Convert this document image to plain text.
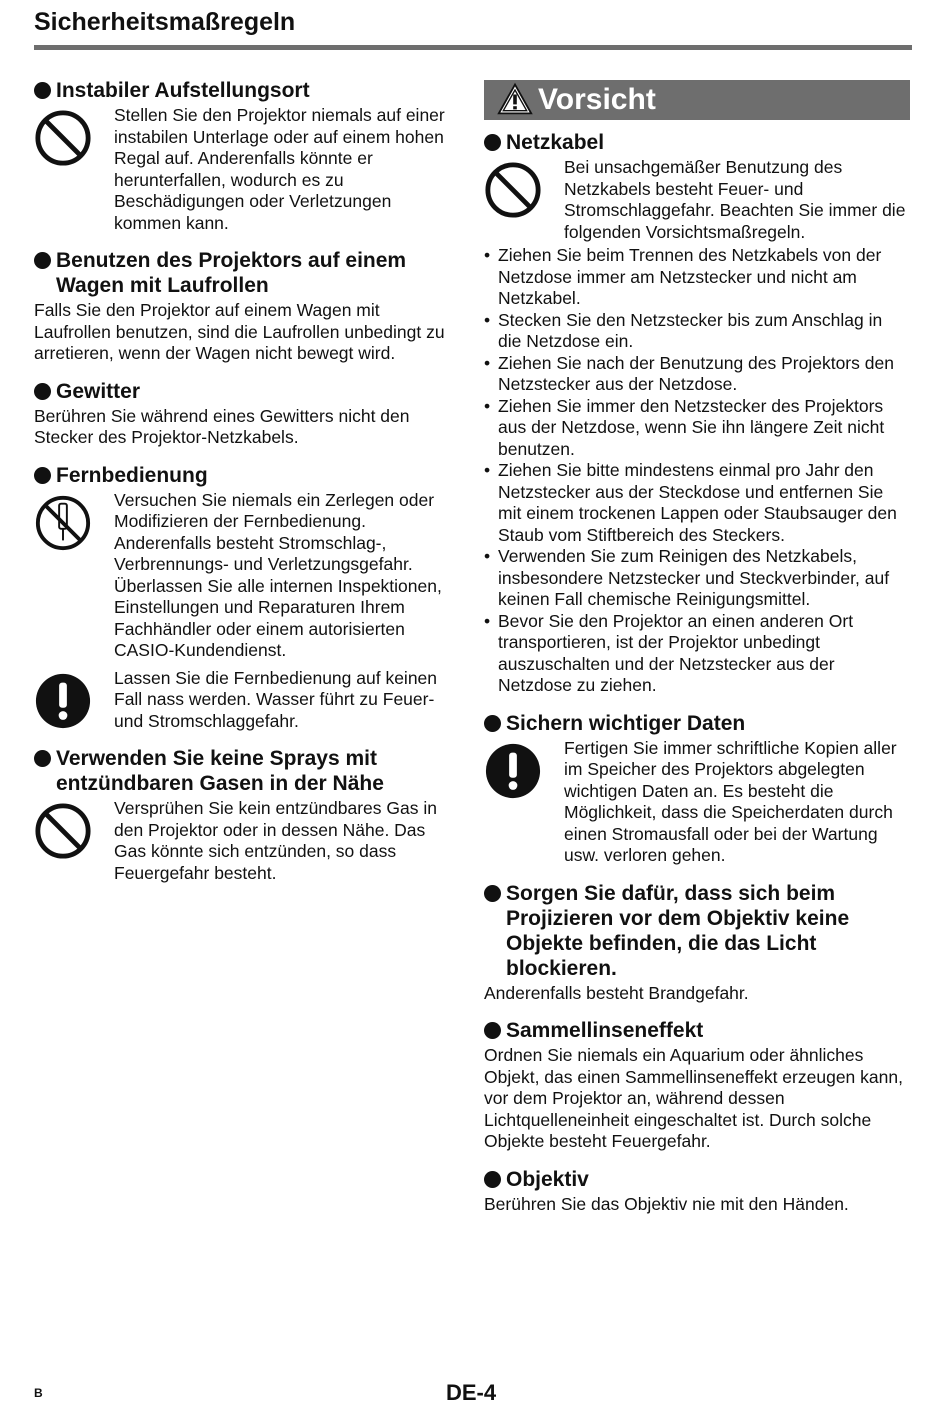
Sicherheitsmaßregeln
Instabiler Aufstellungsort

Stellen Sie den Projektor niemals auf einer instabilen Unterlage oder auf einem hohen Regal auf. Anderenfalls könnte er herunterfallen, wodurch es zu Beschädigungen oder Verletzungen kommen kann.

Benutzen des Projektors auf einem Wagen mit Laufrollen

Falls Sie den Projektor auf einem Wagen mit Laufrollen benutzen, sind die Laufrollen unbedingt zu arretieren, wenn der Wagen nicht bewegt wird.

Gewitter

Berühren Sie während eines Gewitters nicht den Stecker des Projektor-Netzkabels.

Fernbedienung

Versuchen Sie niemals ein Zerlegen oder Modifizieren der Fernbedienung. Anderenfalls besteht Stromschlag-, Verbrennungs- und Verletzungsgefahr. Überlassen Sie alle internen Inspektionen, Einstellungen und Reparaturen Ihrem Fachhändler oder einem autorisierten CASIO-Kundendienst.

Lassen Sie die Fernbedienung auf keinen Fall nass werden. Wasser führt zu Feuer- und Stromschlaggefahr.

Verwenden Sie keine Sprays mit entzündbaren Gasen in der Nähe

Versprühen Sie kein entzündbares Gas in den Projektor oder in dessen Nähe. Das Gas könnte sich entzünden, so dass Feuergefahr besteht.

Vorsicht
Netzkabel

Bei unsachgemäßer Benutzung des Netzkabels besteht Feuer- und Stromschlaggefahr. Beachten Sie immer die folgenden Vorsichtsmaßregeln.

• Ziehen Sie beim Trennen des Netzkabels von der Netzdose immer am Netzstecker und nicht am Netzkabel.
• Stecken Sie den Netzstecker bis zum Anschlag in die Netzdose ein.
• Ziehen Sie nach der Benutzung des Projektors den Netzstecker aus der Netzdose.
• Ziehen Sie immer den Netzstecker des Projektors aus der Netzdose, wenn Sie ihn längere Zeit nicht benutzen.
• Ziehen Sie bitte mindestens einmal pro Jahr den Netzstecker aus der Steckdose und entfernen Sie mit einem trockenen Lappen oder Staubsauger den Staub vom Stiftbereich des Steckers.
• Verwenden Sie zum Reinigen des Netzkabels, insbesondere Netzstecker und Steckverbinder, auf keinen Fall chemische Reinigungsmittel.
• Bevor Sie den Projektor an einen anderen Ort transportieren, ist der Projektor unbedingt auszuschalten und der Netzstecker aus der Netzdose zu ziehen.
Sichern wichtiger Daten

Fertigen Sie immer schriftliche Kopien aller im Speicher des Projektors abgelegten wichtigen Daten an. Es besteht die Möglichkeit, dass die Speicherdaten durch einen Stromausfall oder bei der Wartung usw. verloren gehen.

Sorgen Sie dafür, dass sich beim Projizieren vor dem Objektiv keine Objekte befinden, die das Licht blockieren.

Anderenfalls besteht Brandgefahr.

Sammellinseneffekt

Ordnen Sie niemals ein Aquarium oder ähnliches Objekt, das einen Sammellinseneffekt erzeugen kann, vor dem Projektor an, während dessen Lichtquelleneinheit eingeschaltet ist. Durch solche Objekte besteht Feuergefahr.

Objektiv

Berühren Sie das Objektiv nie mit den Händen.

B	DE-4
